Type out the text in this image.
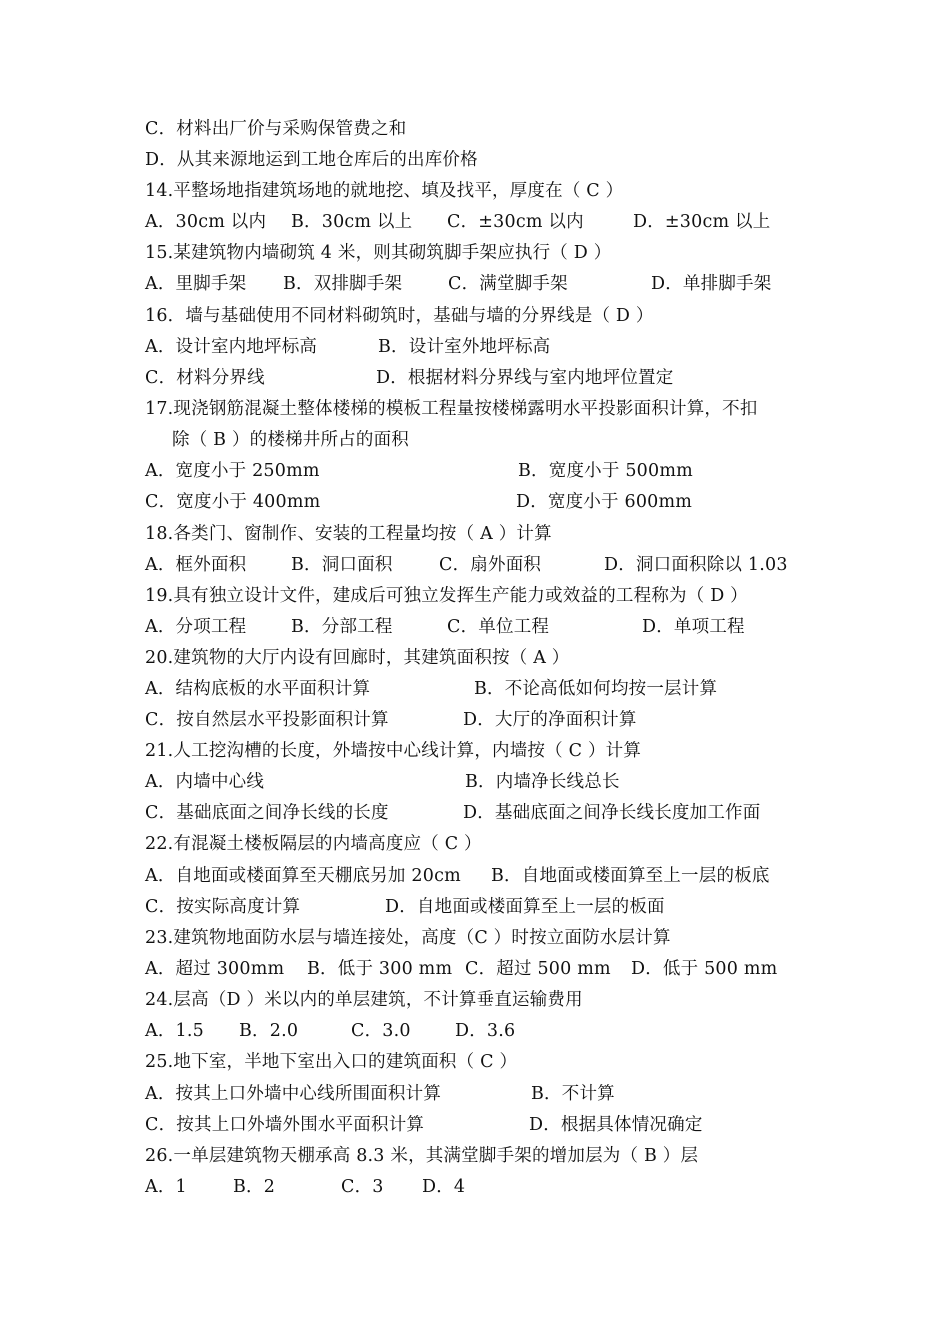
C．材料出厂价与采购保管费之和
D．从其来源地运到工地仓库后的出库价格
14.平整场地指建筑场地的就地挖、填及找平，厚度在（ C ）
A．30cm 以内 B．30cm 以上 C．±30cm 以内	D．±30cm 以上
15.某建筑物内墙砌筑 4 米，则其砌筑脚手架应执行（ D ）
A．里脚手架 B．双排脚手架	C．满堂脚手架	D．单排脚手架
16．墙与基础使用不同材料砌筑时，基础与墙的分界线是（ D ）
A．设计室内地坪标高	B．设计室外地坪标高
C．材料分界线	D．根据材料分界线与室内地坪位置定
17.现浇钢筋混凝土整体楼梯的模板工程量按楼梯露明水平投影面积计算，不扣
除（ B ）的楼梯井所占的面积
A．宽度小于 250mm	B．宽度小于 500mm
C．宽度小于 400mm	D．宽度小于 600mm
18.各类门、窗制作、安装的工程量均按（ A ）计算
A．框外面积	B．洞口面积	C．扇外面积	D．洞口面积除以 1.03
19.具有独立设计文件，建成后可独立发挥生产能力或效益的工程称为（ D ）
A．分项工程	B．分部工程	C．单位工程	D．单项工程
20.建筑物的大厅内设有回廊时，其建筑面积按（ A ）
A．结构底板的水平面积计算	B．不论高低如何均按一层计算
C．按自然层水平投影面积计算	D．大厅的净面积计算
21.人工挖沟槽的长度，外墙按中心线计算，内墙按（ C ）计算
A．内墙中心线	B．内墙净长线总长
C．基础底面之间净长线的长度	D．基础底面之间净长线长度加工作面
22.有混凝土楼板隔层的内墙高度应（ C ）
A．自地面或楼面算至天棚底另加 20cm B．自地面或楼面算至上一层的板底
C．按实际高度计算	D．自地面或楼面算至上一层的板面
23.建筑物地面防水层与墙连接处，高度（C ）时按立面防水层计算
A．超过 300mm B．低于 300 mm C．超过 500 mm D．低于 500 mm
24.层高（D ）米以内的单层建筑，不计算垂直运输费用
A．1.5 B．2.0	C．3.0	D．3.6
25.地下室，半地下室出入口的建筑面积（ C ）
A．按其上口外墙中心线所围面积计算	B．不计算
C．按其上口外墙外围水平面积计算	D．根据具体情况确定
26.一单层建筑物天棚承高 8.3 米，其满堂脚手架的增加层为（ B ）层
A．1	B．2	C．3 D．4
